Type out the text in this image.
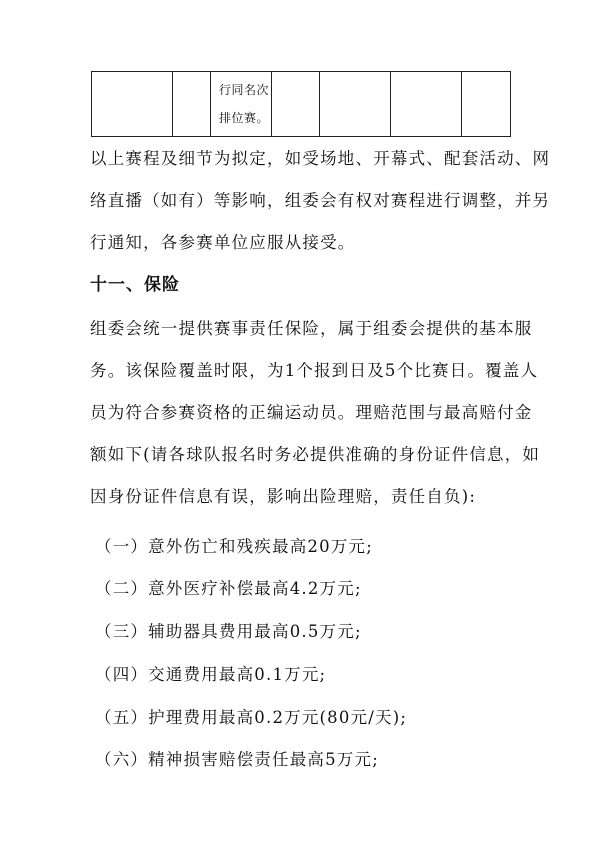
行同名次
排位赛。

以上赛程及细节为拟定，如受场地、开幕式、配套活动、网
络直播（如有）等影响，组委会有权对赛程进行调整，并另
行通知，各参赛单位应服从接受。

十一、保险

组委会统一提供赛事责任保险，属于组委会提供的基本服
务。该保险覆盖时限，为1个报到日及5个比赛日。覆盖人
员为符合参赛资格的正编运动员。理赔范围与最高赔付金
额如下(请各球队报名时务必提供准确的身份证件信息，如
因身份证件信息有误，影响出险理赔，责任自负):

（一）意外伤亡和残疾最高20万元;

（二）意外医疗补偿最高4.2万元;

（三）辅助器具费用最高0.5万元;

（四）交通费用最高0.1万元;

（五）护理费用最高0.2万元(80元/天);

（六）精神损害赔偿责任最高5万元;
